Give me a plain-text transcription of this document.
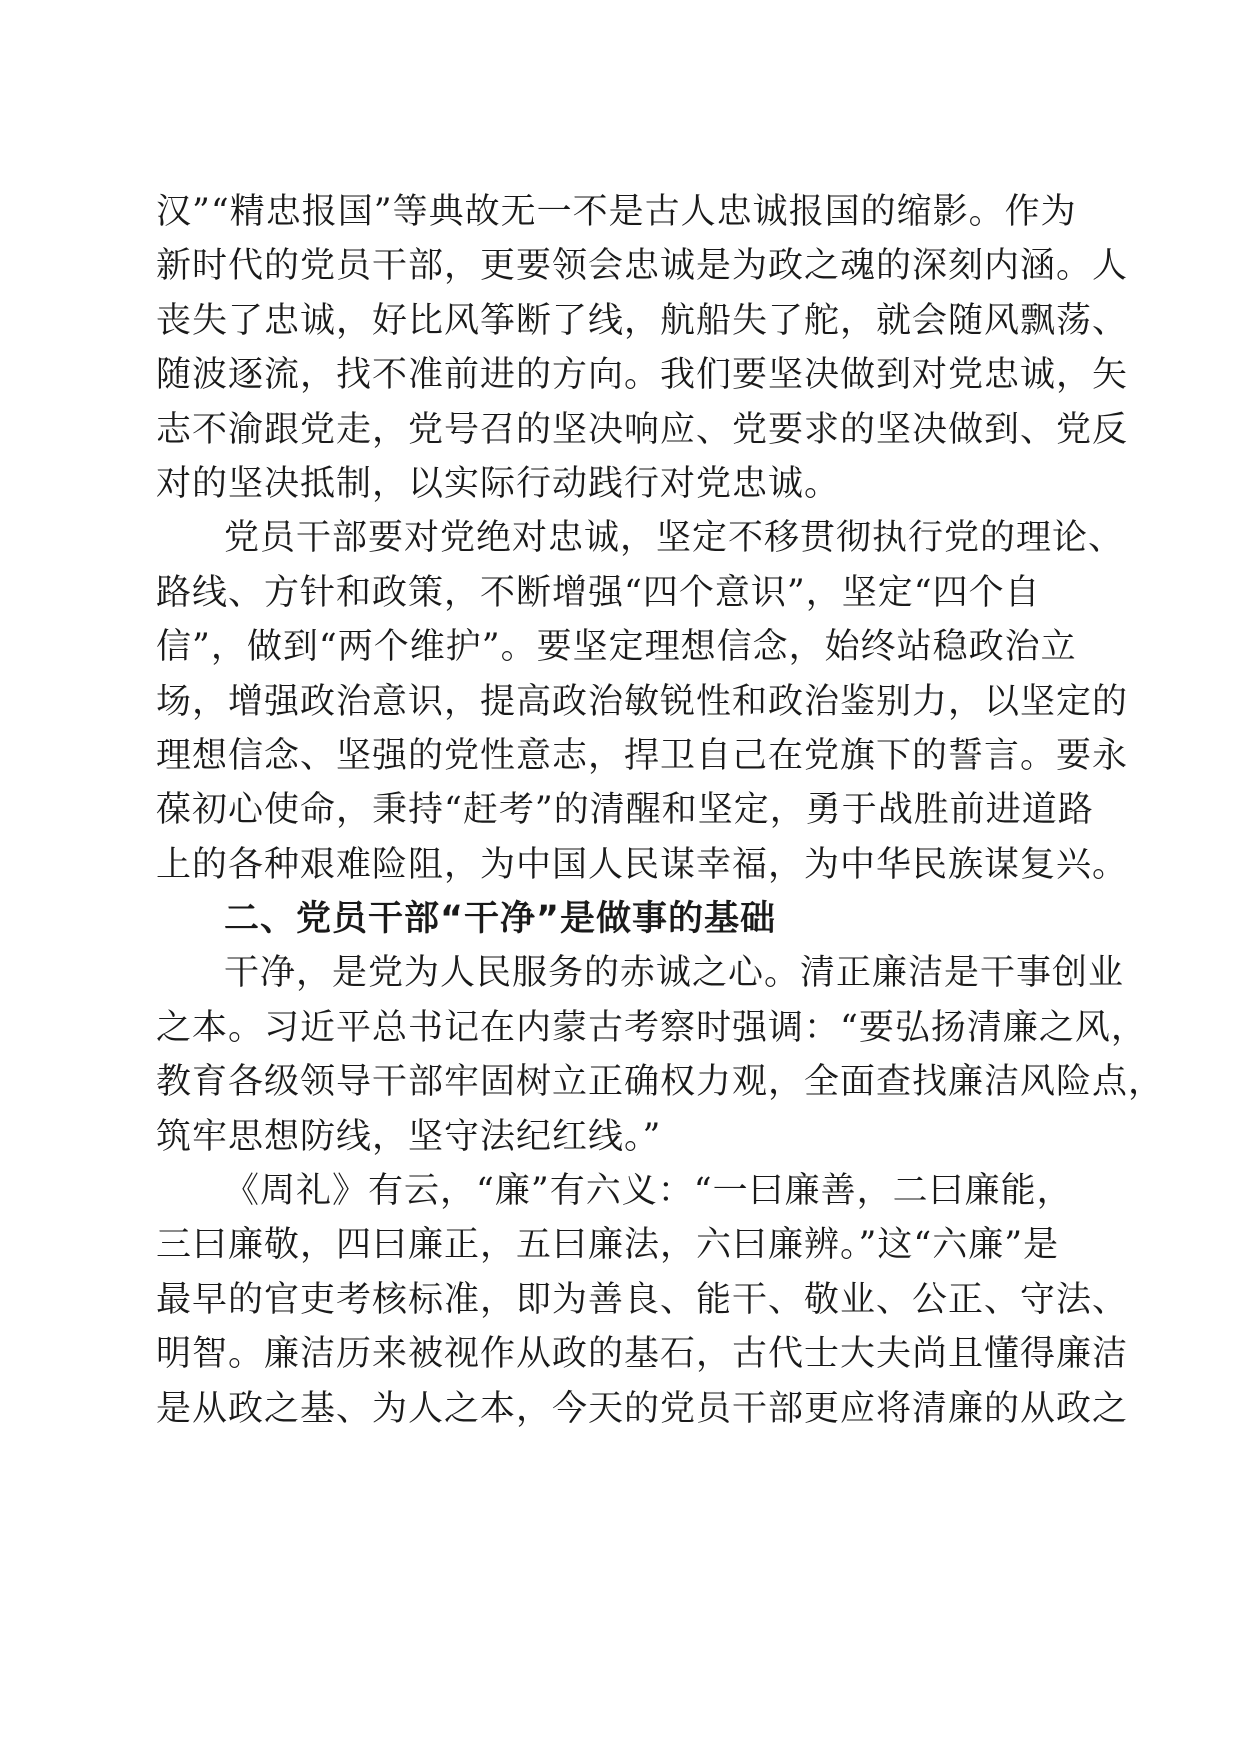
汉”“精忠报国”等典故无一不是古人忠诚报国的缩影。作为
新时代的党员干部，更要领会忠诚是为政之魂的深刻内涵。人
丧失了忠诚，好比风筝断了线，航船失了舵，就会随风飘荡、
随波逐流，找不准前进的方向。我们要坚决做到对党忠诚，矢
志不渝跟党走，党号召的坚决响应、党要求的坚决做到、党反
对的坚决抵制，以实际行动践行对党忠诚。
党员干部要对党绝对忠诚，坚定不移贯彻执行党的理论、
路线、方针和政策，不断增强“四个意识”，坚定“四个自
信”，做到“两个维护”。要坚定理想信念，始终站稳政治立
场，增强政治意识，提高政治敏锐性和政治鉴别力，以坚定的
理想信念、坚强的党性意志，捍卫自己在党旗下的誓言。要永
葆初心使命，秉持“赶考”的清醒和坚定，勇于战胜前进道路
上的各种艰难险阻，为中国人民谋幸福，为中华民族谋复兴。
二、党员干部“干净”是做事的基础
干净，是党为人民服务的赤诚之心。清正廉洁是干事创业
之本。习近平总书记在内蒙古考察时强调：“要弘扬清廉之风，
教育各级领导干部牢固树立正确权力观，全面查找廉洁风险点，
筑牢思想防线，坚守法纪红线。”
《周礼》有云，“廉”有六义：“一曰廉善，二曰廉能，
三曰廉敬，四曰廉正，五曰廉法，六曰廉辨。”这“六廉”是
最早的官吏考核标准，即为善良、能干、敬业、公正、守法、
明智。廉洁历来被视作从政的基石，古代士大夫尚且懂得廉洁
是从政之基、为人之本，今天的党员干部更应将清廉的从政之
